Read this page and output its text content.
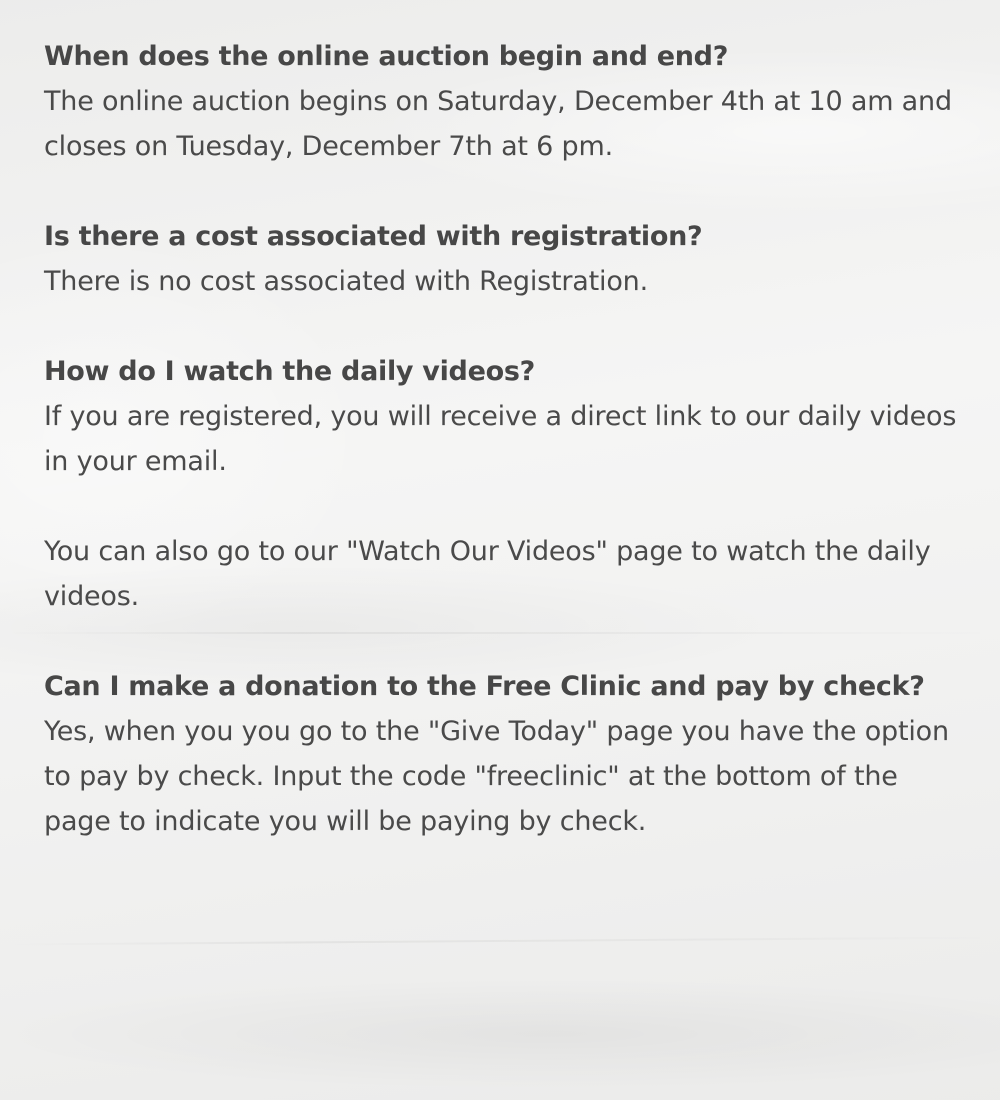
When does the online auction begin and end?

The online auction begins on Saturday, December 4th at 10 am and closes on Tuesday, December 7th at 6 pm.

Is there a cost associated with registration?

There is no cost associated with Registration.

How do I watch the daily videos?

If you are registered, you will receive a direct link to our daily videos in your email.

You can also go to our "Watch Our Videos" page to watch the daily videos.

Can I make a donation to the Free Clinic and pay by check?

Yes, when you you go to the "Give Today" page you have the option to pay by check. Input the code "freeclinic" at the bottom of the page to indicate you will be paying by check.
